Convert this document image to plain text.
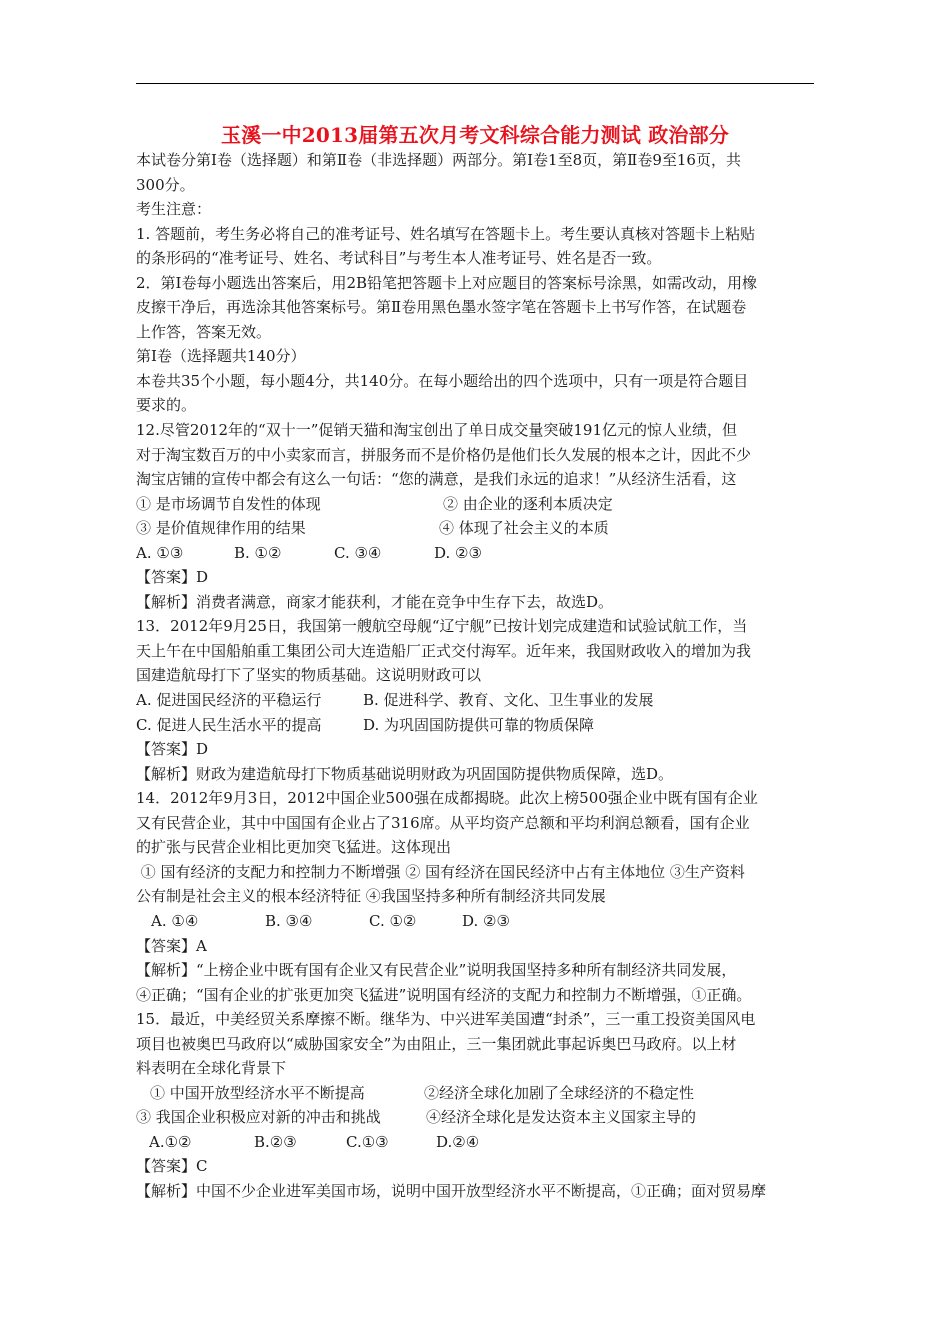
玉溪一中2013届第五次月考文科综合能力测试 政治部分
本试卷分第Ⅰ卷（选择题）和第Ⅱ卷（非选择题）两部分。第Ⅰ卷1至8页，第Ⅱ卷9至16页，共
300分。
考生注意：
1. 答题前，考生务必将自己的准考证号、姓名填写在答题卡上。考生要认真核对答题卡上粘贴
的条形码的“准考证号、姓名、考试科目”与考生本人准考证号、姓名是否一致。
2．第Ⅰ卷每小题选出答案后，用2B铅笔把答题卡上对应题目的答案标号涂黑，如需改动，用橡
皮擦干净后，再选涂其他答案标号。第Ⅱ卷用黑色墨水签字笔在答题卡上书写作答，在试题卷
上作答，答案无效。
第Ⅰ卷（选择题共140分）
本卷共35个小题，每小题4分，共140分。在每小题给出的四个选项中，只有一项是符合题目
要求的。
12.尽管2012年的“双十一”促销天猫和淘宝创出了单日成交量突破191亿元的惊人业绩，但
对于淘宝数百万的中小卖家而言，拼服务而不是价格仍是他们长久发展的根本之计，因此不少
淘宝店铺的宣传中都会有这么一句话：“您的满意，是我们永远的追求！”从经济生活看，这
① 是市场调节自发性的体现	② 由企业的逐利本质决定
③ 是价值规律作用的结果	④ 体现了社会主义的本质
A. ①③	B. ①②	C. ③④	D. ②③
【答案】D
【解析】消费者满意，商家才能获利，才能在竞争中生存下去，故选D。
13．2012年9月25日，我国第一艘航空母舰“辽宁舰”已按计划完成建造和试验试航工作，当
天上午在中国船舶重工集团公司大连造船厂正式交付海军。近年来，我国财政收入的增加为我
国建造航母打下了坚实的物质基础。这说明财政可以
A. 促进国民经济的平稳运行	B. 促进科学、教育、文化、卫生事业的发展
C. 促进人民生活水平的提高	D. 为巩固国防提供可靠的物质保障
【答案】D
【解析】财政为建造航母打下物质基础说明财政为巩固国防提供物质保障，选D。
14．2012年9月3日，2012中国企业500强在成都揭晓。此次上榜500强企业中既有国有企业
又有民营企业，其中中国国有企业占了316席。从平均资产总额和平均利润总额看，国有企业
的扩张与民营企业相比更加突飞猛进。这体现出
① 国有经济的支配力和控制力不断增强 ② 国有经济在国民经济中占有主体地位 ③生产资料
公有制是社会主义的根本经济特征 ④我国坚持多种所有制经济共同发展
A. ①④	B. ③④	C. ①②	D. ②③
【答案】A
【解析】“上榜企业中既有国有企业又有民营企业”说明我国坚持多种所有制经济共同发展，
④正确；“国有企业的扩张更加突飞猛进”说明国有经济的支配力和控制力不断增强，①正确。
15．最近，中美经贸关系摩擦不断。继华为、中兴进军美国遭“封杀”，三一重工投资美国风电
项目也被奥巴马政府以“威胁国家安全”为由阻止，三一集团就此事起诉奥巴马政府。以上材
料表明在全球化背景下
① 中国开放型经济水平不断提高	②经济全球化加剧了全球经济的不稳定性
③ 我国企业积极应对新的冲击和挑战	④经济全球化是发达资本主义国家主导的
A.①②	B.②③	C.①③	D.②④
【答案】C
【解析】中国不少企业进军美国市场，说明中国开放型经济水平不断提高，①正确；面对贸易摩
